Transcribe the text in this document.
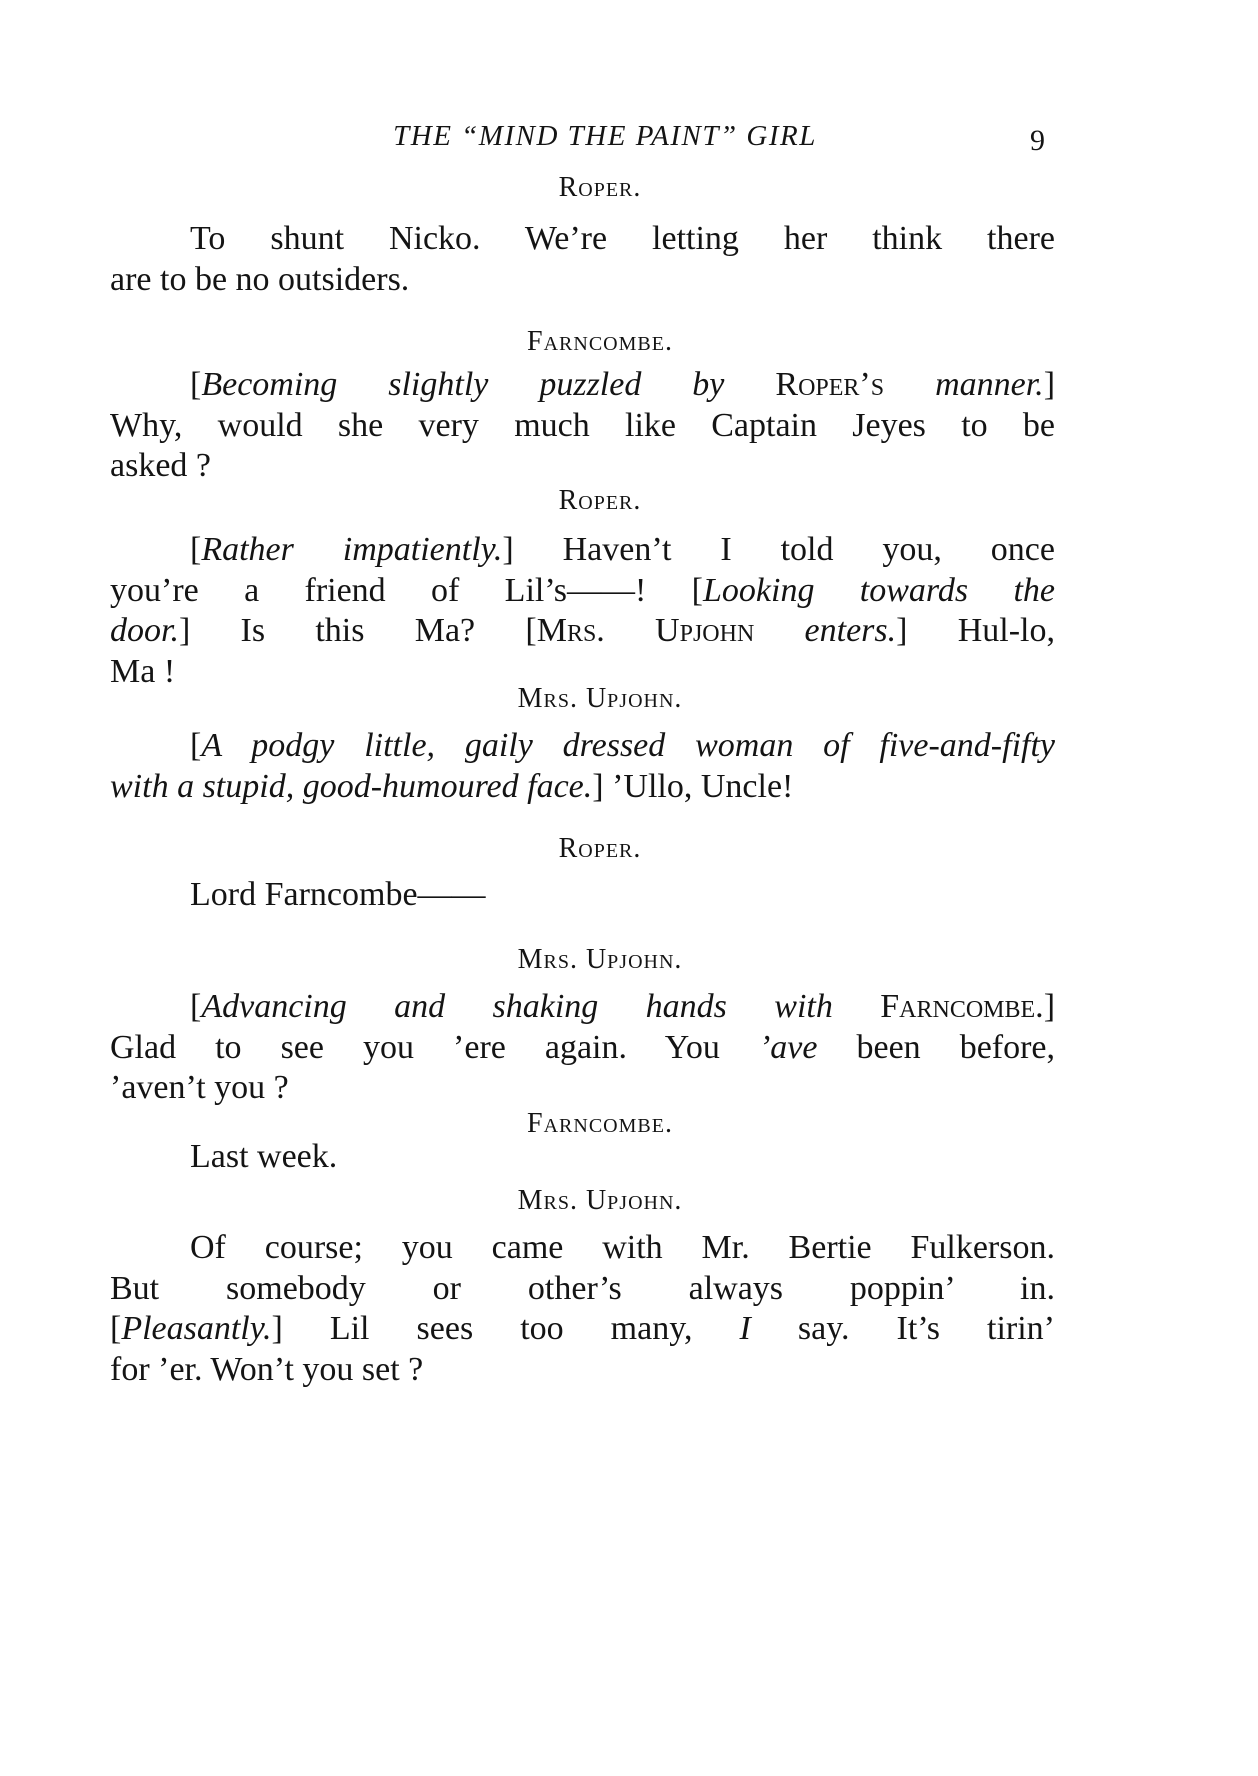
THE “MIND THE PAINT” GIRL	9
Roper.
To shunt Nicko. We’re letting her think there
are to be no outsiders.
Farncombe.
[Becoming slightly puzzled by Roper’s manner.]
Why, would she very much like Captain Jeyes to be
asked ?
Roper.
[Rather impatiently.] Haven’t I told you, once
you’re a friend of Lil’s——! [Looking towards the
door.] Is this Ma? [Mrs. Upjohn enters.] Hul-lo,
Ma !
Mrs. Upjohn.
[A podgy little, gaily dressed woman of five-and-fifty
with a stupid, good-humoured face.] ’Ullo, Uncle!
Roper.
Lord Farncombe——
Mrs. Upjohn.
[Advancing and shaking hands with Farncombe.]
Glad to see you ’ere again. You ’ave been before,
’aven’t you ?
Farncombe.
Last week.
Mrs. Upjohn.
Of course; you came with Mr. Bertie Fulkerson.
But somebody or other’s always poppin’ in.
[Pleasantly.] Lil sees too many, I say. It’s tirin’
for ’er. Won’t you set ?
